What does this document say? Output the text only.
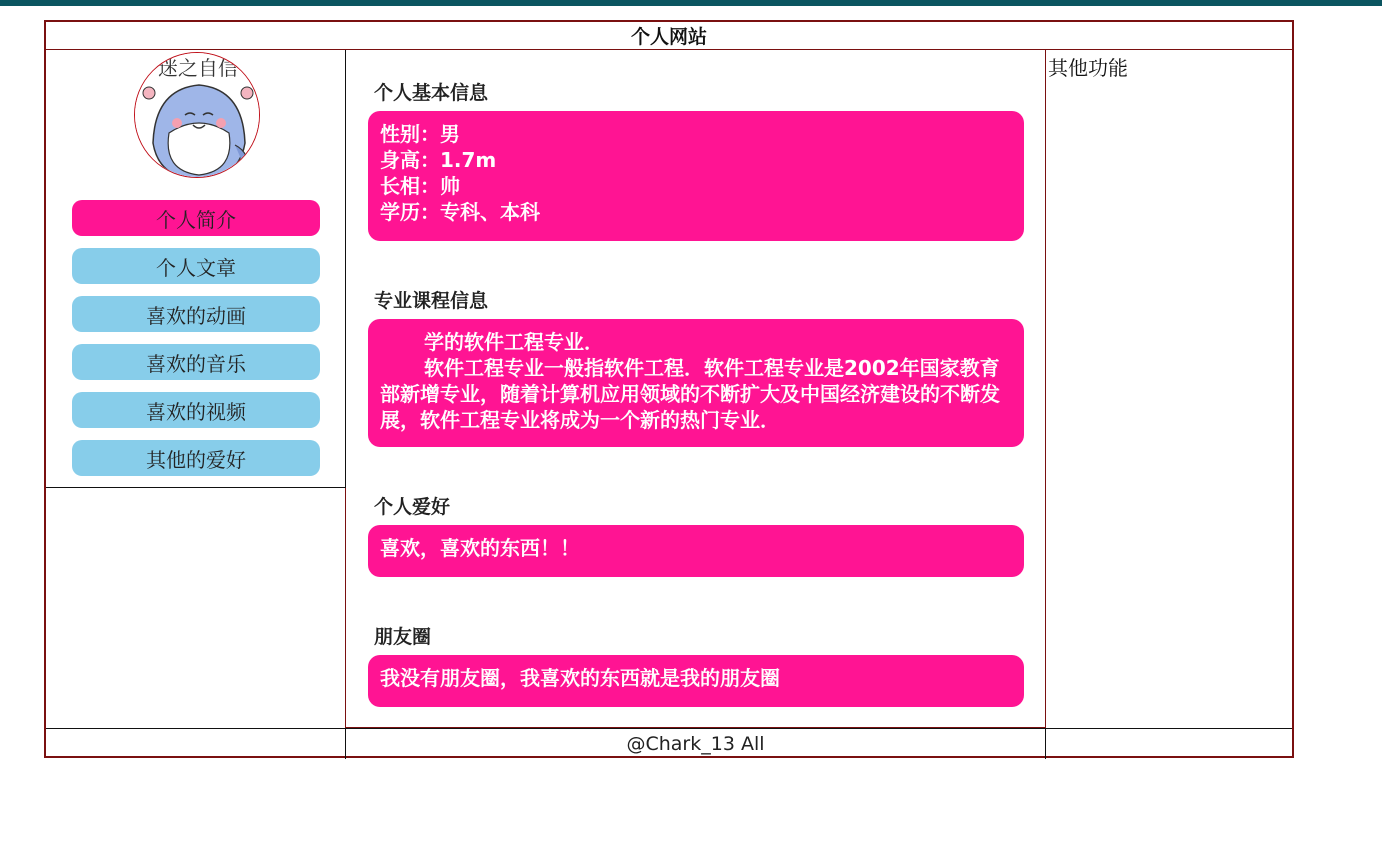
个人网站
迷之自信
个人简介
个人文章
喜欢的动画
喜欢的音乐
喜欢的视频
其他的爱好
个人基本信息
性别：男
身高：1.7m
长相：帅
学历：专科、本科
专业课程信息
学的软件工程专业．
软件工程专业一般指软件工程．软件工程专业是2002年国家教育部新增专业，随着计算机应用领域的不断扩大及中国经济建设的不断发展，软件工程专业将成为一个新的热门专业．
个人爱好
喜欢，喜欢的东西！！
朋友圈
我没有朋友圈，我喜欢的东西就是我的朋友圈
其他功能
@Chark_13 All
